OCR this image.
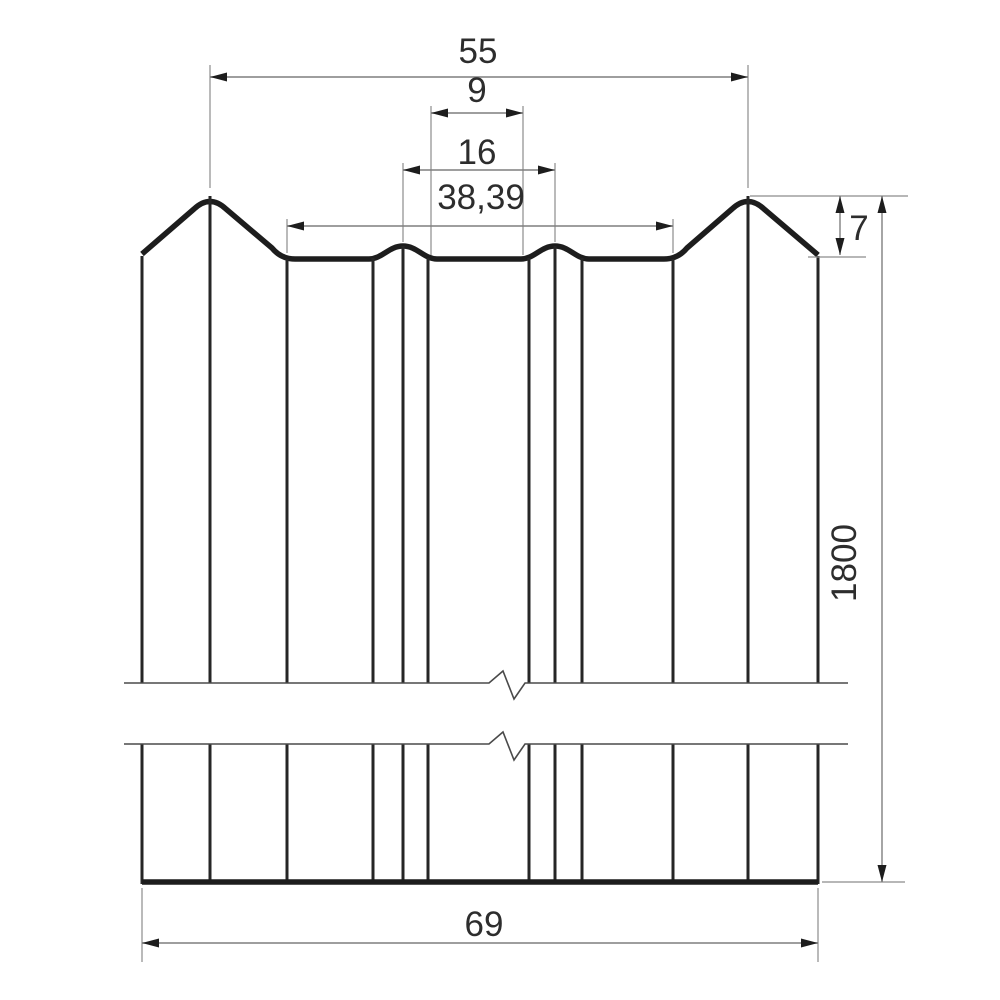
55
9
16
38,39
7
1800
69
